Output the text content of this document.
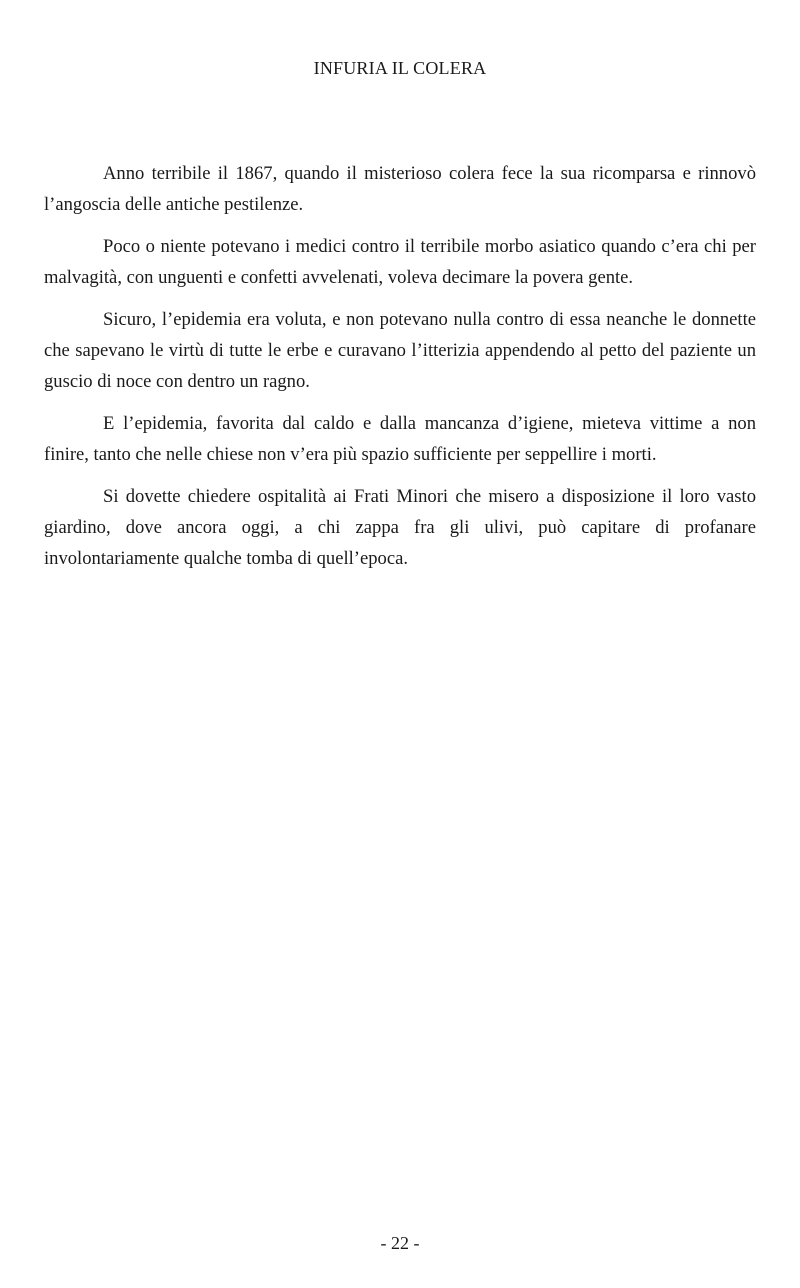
INFURIA IL COLERA

Anno terribile il 1867, quando il misterioso colera fece la sua ricomparsa e rinnovò l’angoscia delle antiche pestilenze.

Poco o niente potevano i medici contro il terribile morbo asiatico quando c’era chi per malvagità, con unguenti e confetti avvelenati, voleva decimare la povera gente.

Sicuro, l’epidemia era voluta, e non potevano nulla contro di essa neanche le donnette che sapevano le virtù di tutte le erbe e curavano l’itterizia appendendo al petto del paziente un guscio di noce con dentro un ragno.

E l’epidemia, favorita dal caldo e dalla mancanza d’igiene, mieteva vittime a non finire, tanto che nelle chiese non v’era più spazio sufficiente per seppellire i morti.

Si dovette chiedere ospitalità ai Frati Minori che misero a disposizione il loro vasto giardino, dove ancora oggi, a chi zappa fra gli ulivi, può capitare di profanare involontariamente qualche tomba di quell’epoca.

- 22 -
